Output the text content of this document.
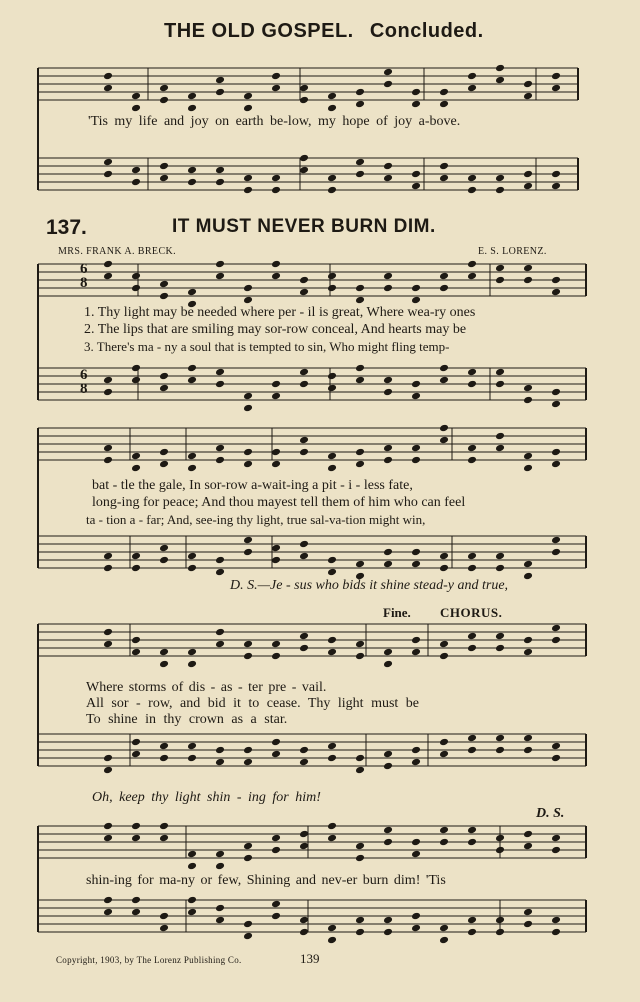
THE OLD GOSPEL. Concluded.
'Tis my life and joy on earth be-low, my hope of joy a-bove.
137.	IT MUST NEVER BURN DIM.
MRS. FRANK A. BRECK.	E. S. LORENZ.
6
8
6
8
1. Thy light may be needed where per - il is great, Where wea-ry ones
2. The lips that are smiling may sor-row conceal, And hearts may be
3. There's ma - ny a soul that is tempted to sin, Who might fling temp-
bat - tle the gale, In sor-row a-wait-ing a pit - i - less fate,
long-ing for peace; And thou mayest tell them of him who can feel
ta - tion a - far; And, see-ing thy light, true sal-va-tion might win,
D. S.—Je - sus who bids it shine stead-y and true,
Fine. CHORUS.
Where storms of dis - as - ter pre - vail.
All sor - row, and bid it to cease. Thy light must be
To shine in thy crown as a star.
Oh, keep thy light shin - ing for him!
D. S.
shin-ing for ma-ny or few, Shining and nev-er burn dim! 'Tis
Copyright, 1903, by The Lorenz Publishing Co.	139
